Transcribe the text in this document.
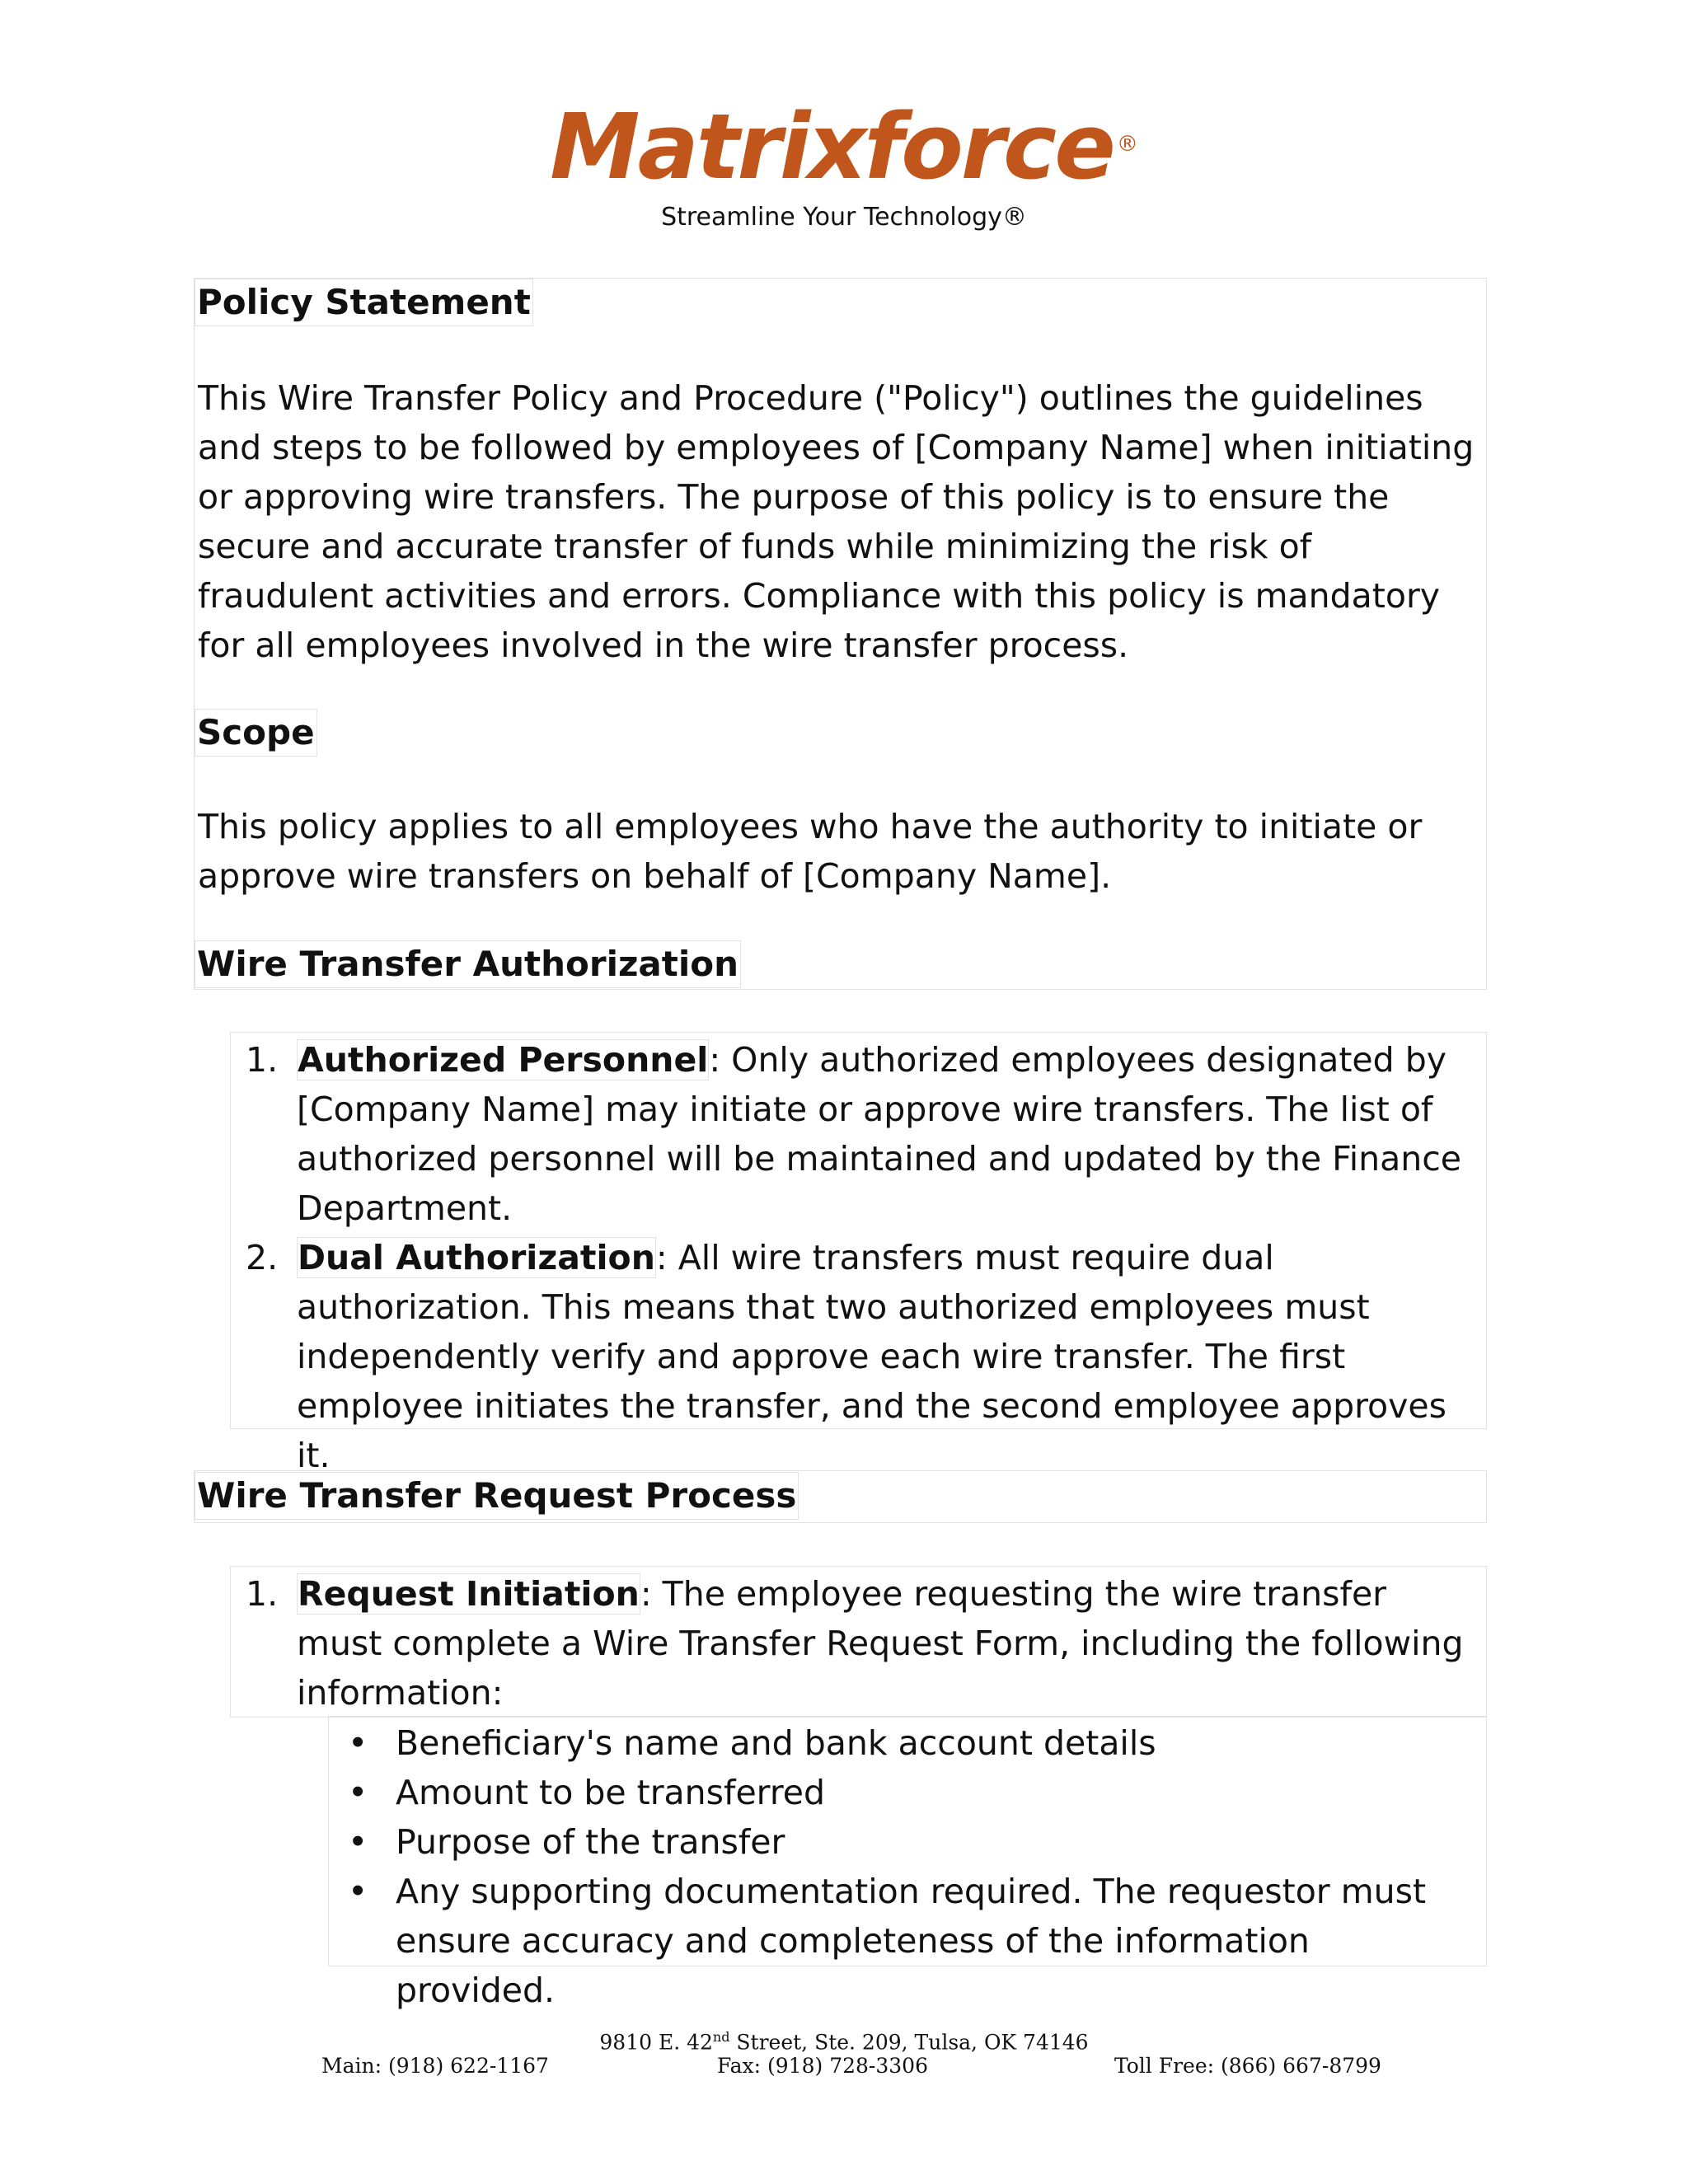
Matrixforce ®
Streamline Your Technology®
Policy Statement

This Wire Transfer Policy and Procedure ("Policy") outlines the guidelines and steps to be followed by employees of [Company Name] when initiating or approving wire transfers. The purpose of this policy is to ensure the secure and accurate transfer of funds while minimizing the risk of fraudulent activities and errors. Compliance with this policy is mandatory for all employees involved in the wire transfer process.

Scope

This policy applies to all employees who have the authority to initiate or approve wire transfers on behalf of [Company Name].

Wire Transfer Authorization
1. Authorized Personnel: Only authorized employees designated by [Company Name] may initiate or approve wire transfers. The list of authorized personnel will be maintained and updated by the Finance Department.
2. Dual Authorization: All wire transfers must require dual authorization. This means that two authorized employees must independently verify and approve each wire transfer. The first employee initiates the transfer, and the second employee approves it.
Wire Transfer Request Process
1. Request Initiation: The employee requesting the wire transfer must complete a Wire Transfer Request Form, including the following information:
• Beneficiary's name and bank account details
• Amount to be transferred
• Purpose of the transfer
• Any supporting documentation required. The requestor must ensure accuracy and completeness of the information provided.
9810 E. 42nd Street, Ste. 209, Tulsa, OK 74146
Main: (918) 622-1167	Fax: (918) 728-3306	Toll Free: (866) 667-8799
